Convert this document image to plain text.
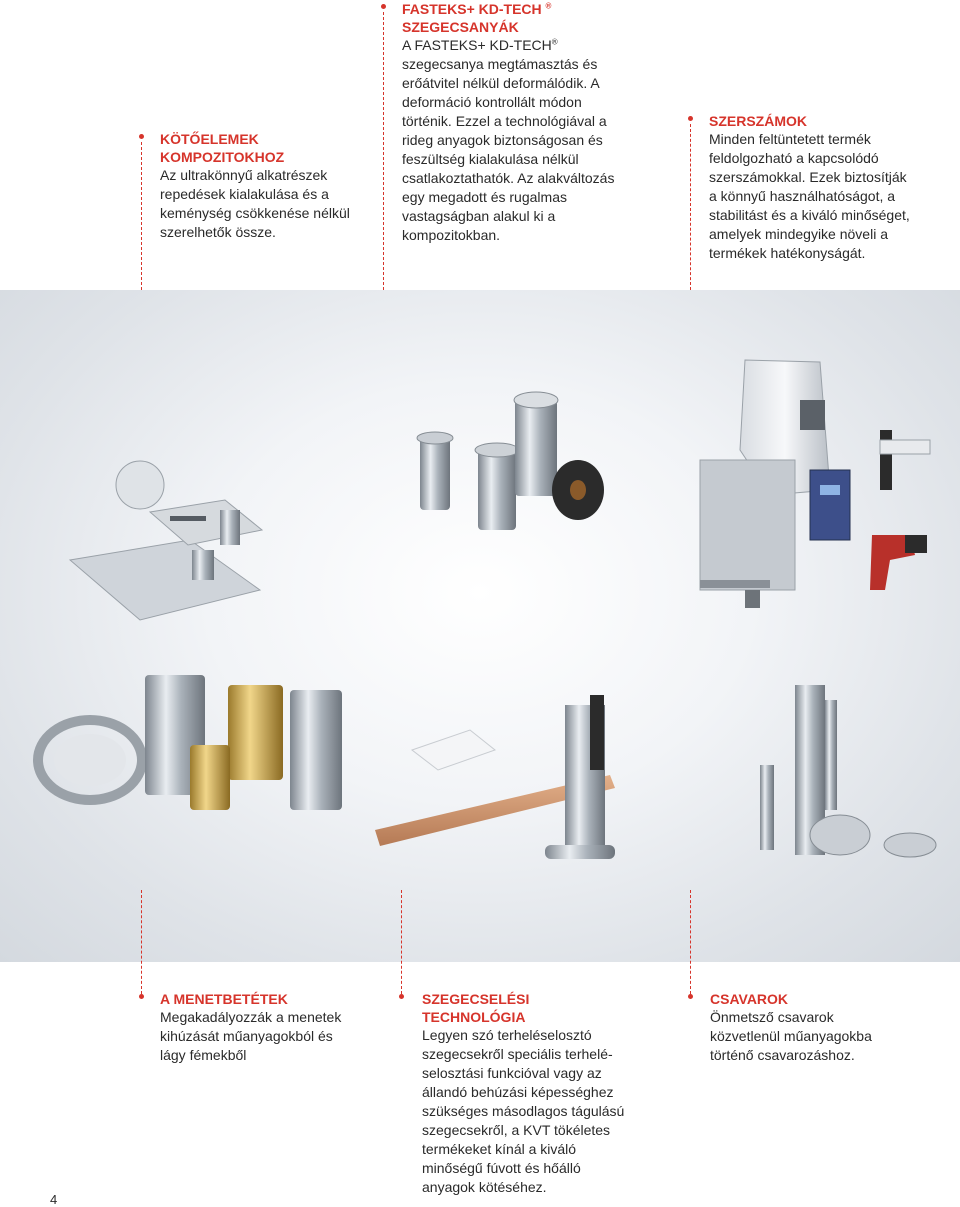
KÖTŐELEMEK KOMPOZITOKHOZ
Az ultrakönnyű alkatrészek repedések kialakulása és a keménység csökkenése nélkül szerelhetők össze.
FASTEKS+ KD-TECH ®
SZEGECSANYÁK
A FASTEKS+ KD-TECH® szegecsanya megtámasztás és erőátvitel nélkül deformálódik. A deformáció kontrollált módon történik. Ezzel a technológiával a rideg anyagok biztonságosan és feszültség kialakulása nélkül csatlakoztathatók. Az alakváltozás egy megadott és rugalmas vastagságban alakul ki a kompozitokban.
SZERSZÁMOK
Minden feltüntetett termék feldolgozható a kapcsolódó szerszámokkal. Ezek biztosítják a könnyű használhatóságot, a stabilitást és a kiváló minőséget, amelyek mindegyike növeli a termékek hatékonyságát.
A MENETBETÉTEK
Megakadályozzák a menetek kihúzását műanyagokból és lágy fémekből
SZEGECSELÉSI TECHNOLÓGIA
Legyen szó terheléselosztó szegecsekről speciális terhelé-selosztási funkcióval vagy az állandó behúzási képességhez szükséges másodlagos tágulású szegecsekről, a KVT tökéletes termékeket kínál a kiváló minőségű fúvott és hőálló anyagok kötéséhez.
CSAVAROK
Önmetsző csavarok közvetlenül műanyagokba történő csavarozáshoz.
4
